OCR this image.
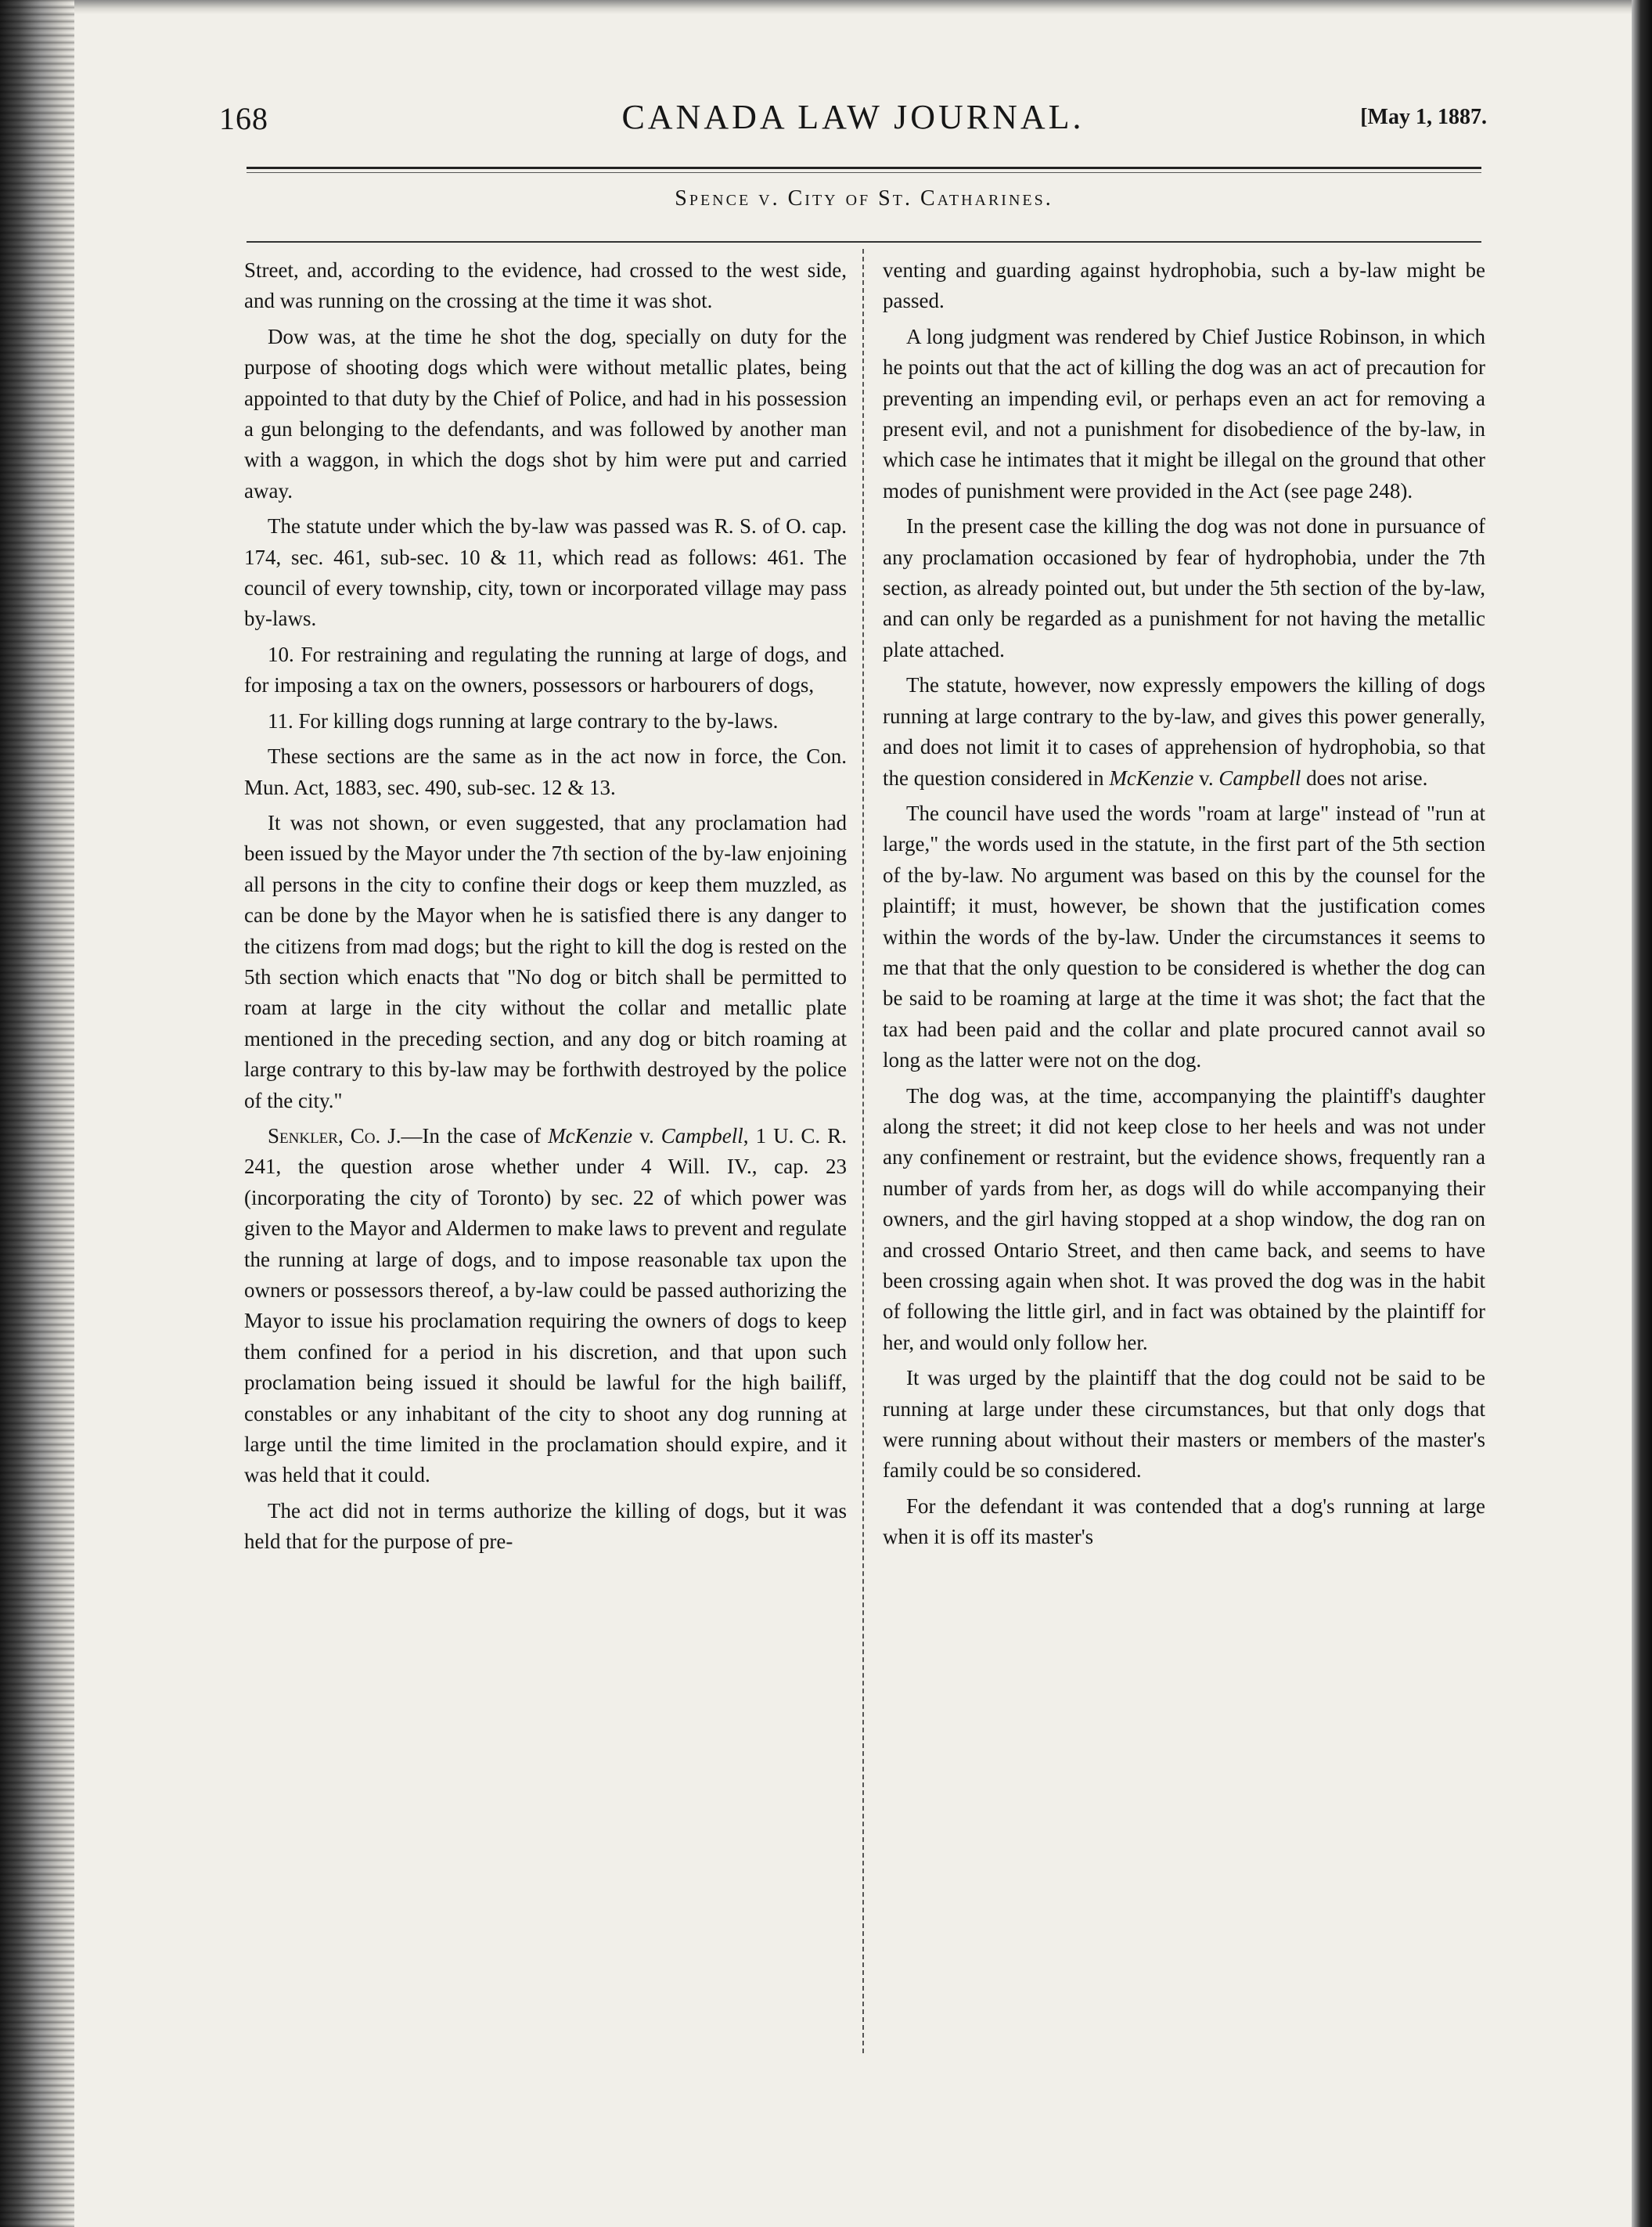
168	CANADA LAW JOURNAL.	[May 1, 1887.
Spence v. City of St. Catharines.

Street, and, according to the evidence, had crossed to the west side, and was running on the crossing at the time it was shot.

Dow was, at the time he shot the dog, specially on duty for the purpose of shooting dogs which were without metallic plates, being appointed to that duty by the Chief of Police, and had in his possession a gun belonging to the defendants, and was followed by another man with a waggon, in which the dogs shot by him were put and carried away.

The statute under which the by-law was passed was R. S. of O. cap. 174, sec. 461, sub-sec. 10 & 11, which read as follows: 461. The council of every township, city, town or incorporated village may pass by-laws.

10. For restraining and regulating the running at large of dogs, and for imposing a tax on the owners, possessors or harbourers of dogs,

11. For killing dogs running at large contrary to the by-laws.

These sections are the same as in the act now in force, the Con. Mun. Act, 1883, sec. 490, sub-sec. 12 & 13.

It was not shown, or even suggested, that any proclamation had been issued by the Mayor under the 7th section of the by-law enjoining all persons in the city to confine their dogs or keep them muzzled, as can be done by the Mayor when he is satisfied there is any danger to the citizens from mad dogs; but the right to kill the dog is rested on the 5th section which enacts that "No dog or bitch shall be permitted to roam at large in the city without the collar and metallic plate mentioned in the preceding section, and any dog or bitch roaming at large contrary to this by-law may be forthwith destroyed by the police of the city."

Senkler, Co. J.—In the case of McKenzie v. Campbell, 1 U. C. R. 241, the question arose whether under 4 Will. IV., cap. 23 (incorporating the city of Toronto) by sec. 22 of which power was given to the Mayor and Aldermen to make laws to prevent and regulate the running at large of dogs, and to impose reasonable tax upon the owners or possessors thereof, a by-law could be passed authorizing the Mayor to issue his proclamation requiring the owners of dogs to keep them confined for a period in his discretion, and that upon such proclamation being issued it should be lawful for the high bailiff, constables or any inhabitant of the city to shoot any dog running at large until the time limited in the proclamation should expire, and it was held that it could.

The act did not in terms authorize the killing of dogs, but it was held that for the purpose of pre-

venting and guarding against hydrophobia, such a by-law might be passed.

A long judgment was rendered by Chief Justice Robinson, in which he points out that the act of killing the dog was an act of precaution for preventing an impending evil, or perhaps even an act for removing a present evil, and not a punishment for disobedience of the by-law, in which case he intimates that it might be illegal on the ground that other modes of punishment were provided in the Act (see page 248).

In the present case the killing the dog was not done in pursuance of any proclamation occasioned by fear of hydrophobia, under the 7th section, as already pointed out, but under the 5th section of the by-law, and can only be regarded as a punishment for not having the metallic plate attached.

The statute, however, now expressly empowers the killing of dogs running at large contrary to the by-law, and gives this power generally, and does not limit it to cases of apprehension of hydrophobia, so that the question considered in McKenzie v. Campbell does not arise.

The council have used the words "roam at large" instead of "run at large," the words used in the statute, in the first part of the 5th section of the by-law. No argument was based on this by the counsel for the plaintiff; it must, however, be shown that the justification comes within the words of the by-law. Under the circumstances it seems to me that that the only question to be considered is whether the dog can be said to be roaming at large at the time it was shot; the fact that the tax had been paid and the collar and plate procured cannot avail so long as the latter were not on the dog.

The dog was, at the time, accompanying the plaintiff's daughter along the street; it did not keep close to her heels and was not under any confinement or restraint, but the evidence shows, frequently ran a number of yards from her, as dogs will do while accompanying their owners, and the girl having stopped at a shop window, the dog ran on and crossed Ontario Street, and then came back, and seems to have been crossing again when shot. It was proved the dog was in the habit of following the little girl, and in fact was obtained by the plaintiff for her, and would only follow her.

It was urged by the plaintiff that the dog could not be said to be running at large under these circumstances, but that only dogs that were running about without their masters or members of the master's family could be so considered.

For the defendant it was contended that a dog's running at large when it is off its master's
